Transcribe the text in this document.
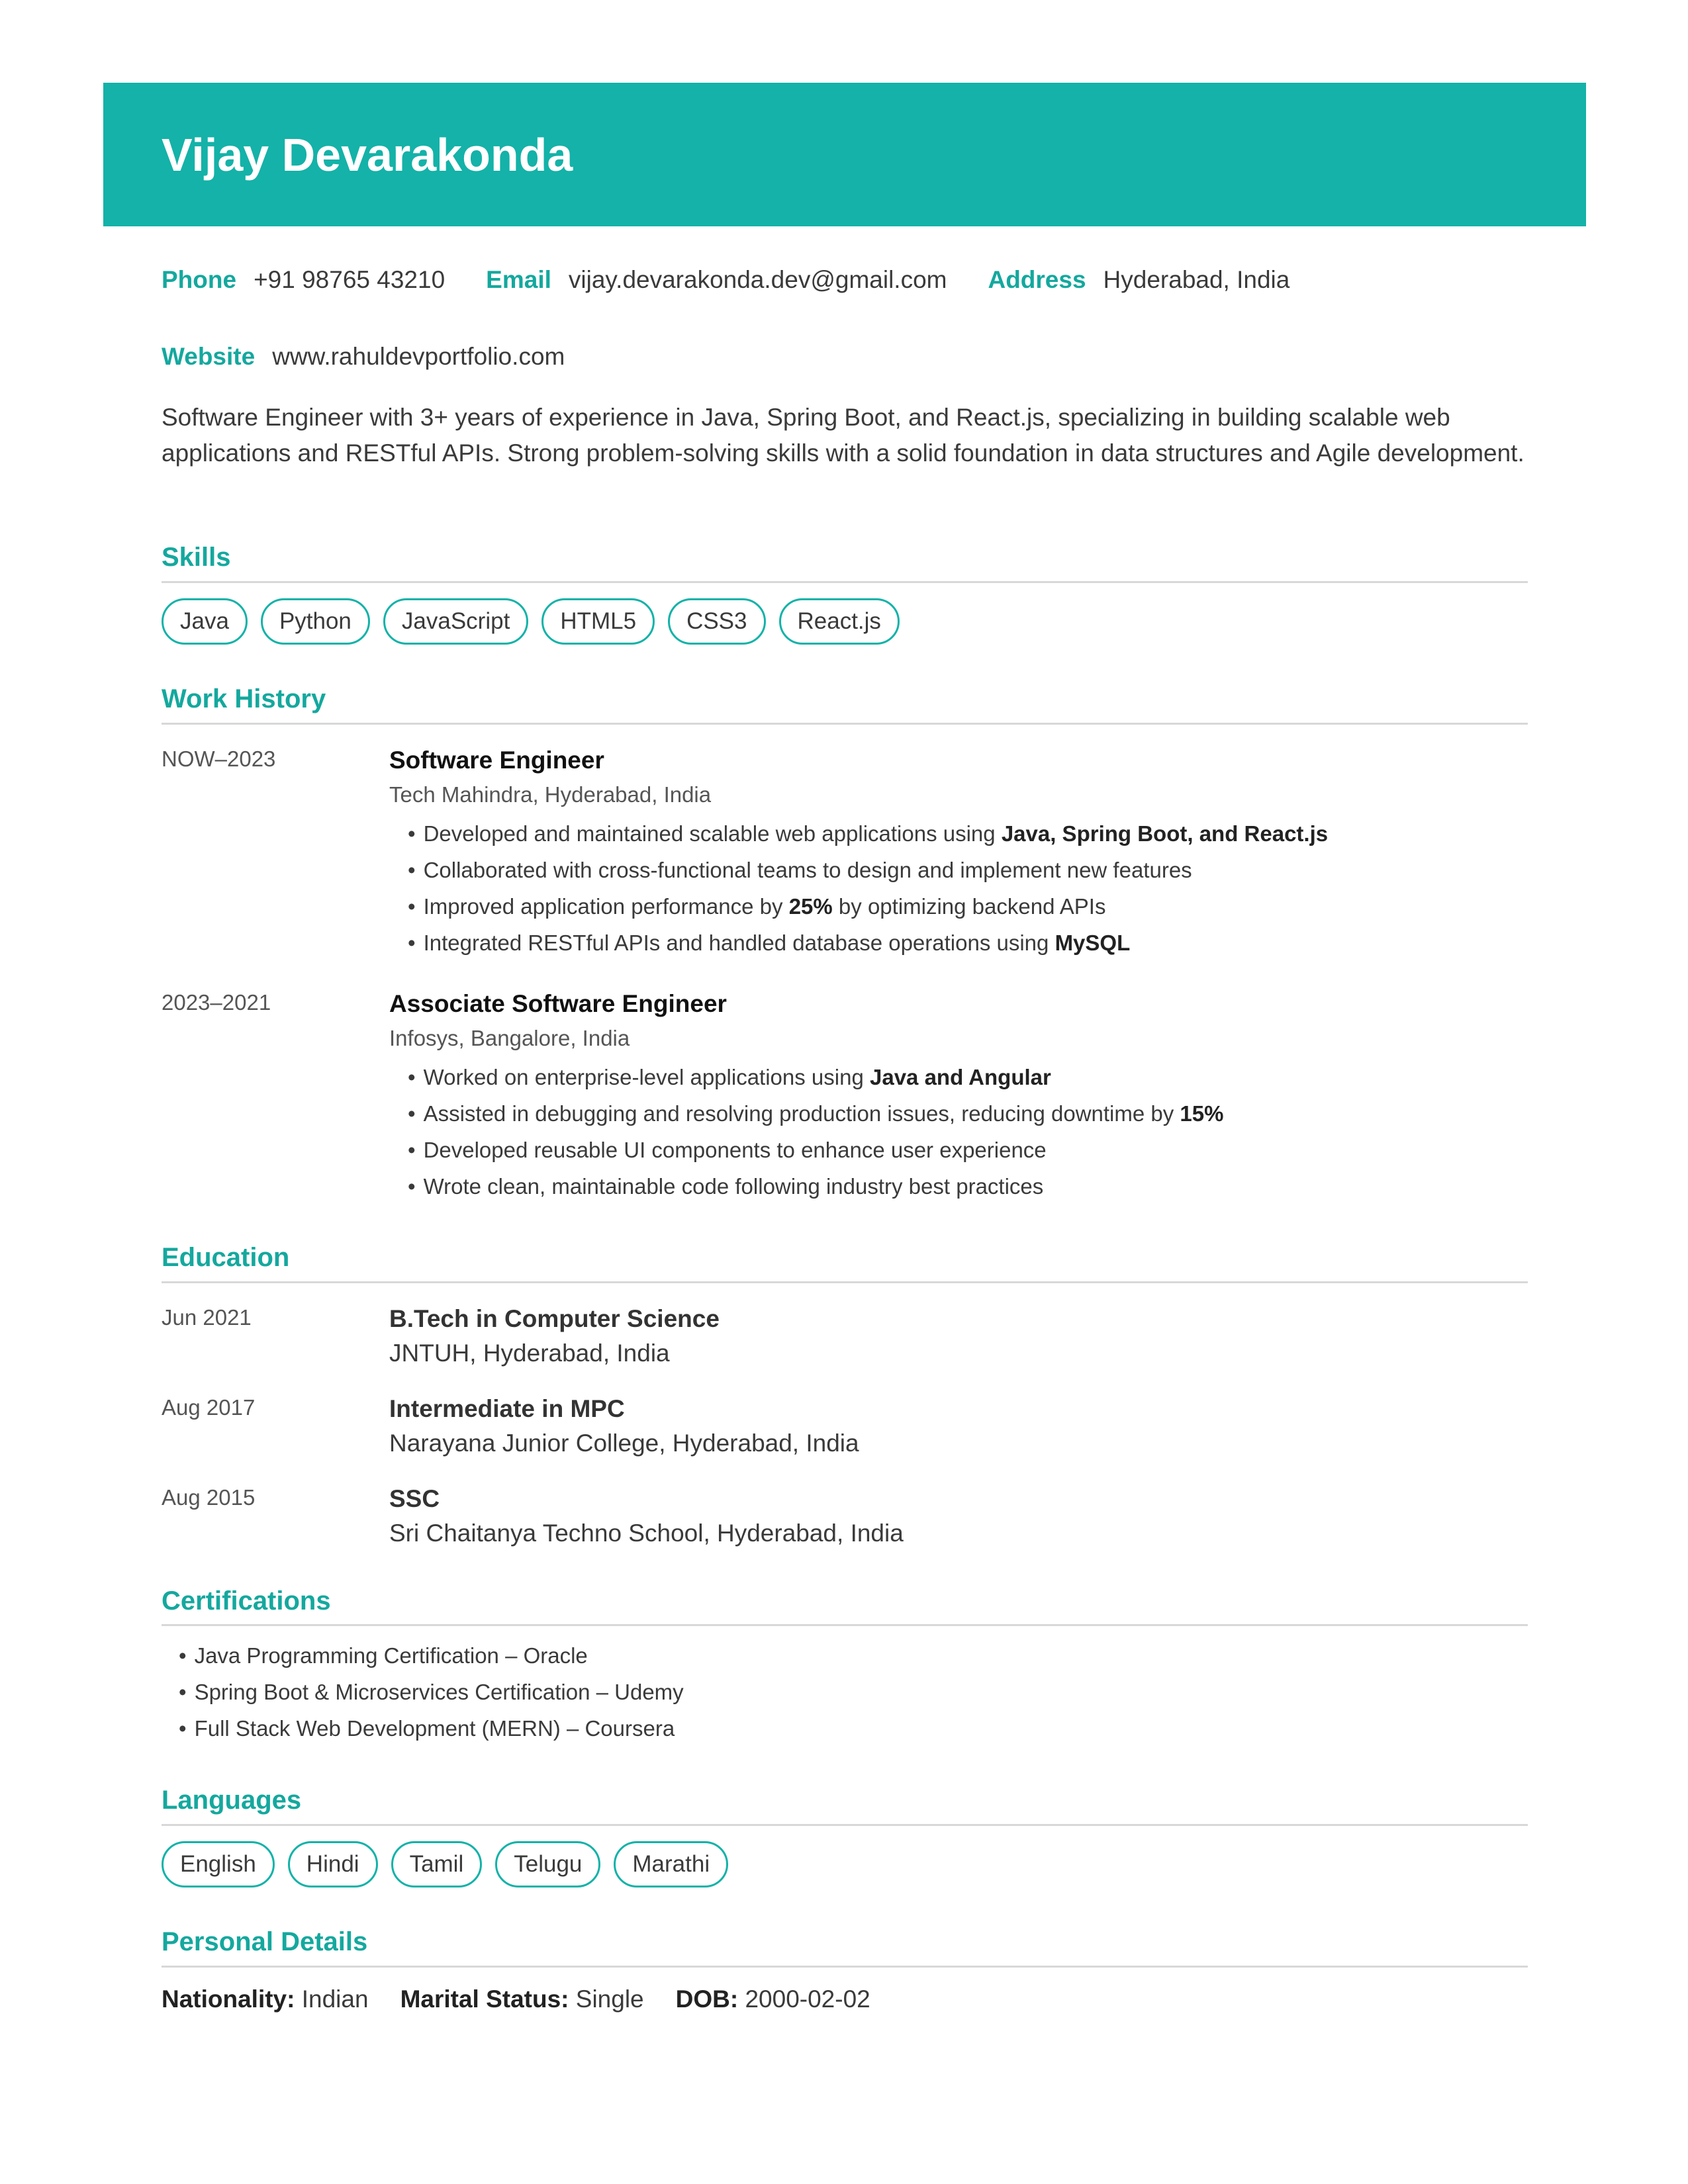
Vijay Devarakonda
Phone +91 98765 43210 Email vijay.devarakonda.dev@gmail.com Address Hyderabad, India
Website www.rahuldevportfolio.com

Software Engineer with 3+ years of experience in Java, Spring Boot, and React.js, specializing in building scalable web applications and RESTful APIs. Strong problem-solving skills with a solid foundation in data structures and Agile development.

Skills
Java	Python	JavaScript	HTML5	CSS3	React.js
Work History
NOW–2023	Software Engineer
Tech Mahindra, Hyderabad, India
• Developed and maintained scalable web applications using Java, Spring Boot, and React.js
• Collaborated with cross-functional teams to design and implement new features
• Improved application performance by 25% by optimizing backend APIs
• Integrated RESTful APIs and handled database operations using MySQL
2023–2021	Associate Software Engineer
Infosys, Bangalore, India
• Worked on enterprise-level applications using Java and Angular
• Assisted in debugging and resolving production issues, reducing downtime by 15%
• Developed reusable UI components to enhance user experience
• Wrote clean, maintainable code following industry best practices
Education
Jun 2021	B.Tech in Computer Science
JNTUH, Hyderabad, India
Aug 2017	Intermediate in MPC
Narayana Junior College, Hyderabad, India
Aug 2015	SSC
Sri Chaitanya Techno School, Hyderabad, India
Certifications
• Java Programming Certification – Oracle
• Spring Boot & Microservices Certification – Udemy
• Full Stack Web Development (MERN) – Coursera
Languages
English	Hindi	Tamil	Telugu	Marathi
Personal Details
Nationality: Indian Marital Status: Single DOB: 2000-02-02
